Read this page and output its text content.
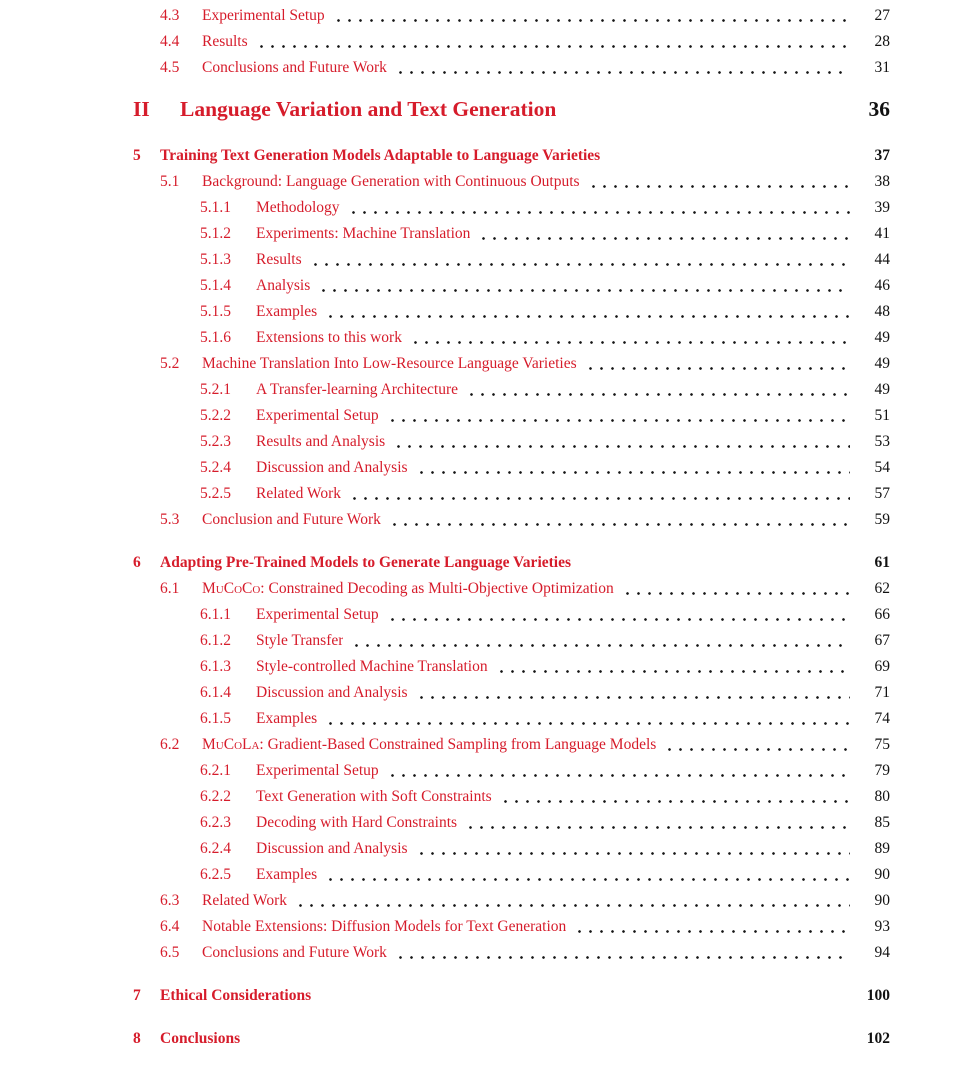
4.3	Experimental Setup	27
4.4	Results	28
4.5	Conclusions and Future Work	31
II	Language Variation and Text Generation	36
5	Training Text Generation Models Adaptable to Language Varieties	37
5.1	Background: Language Generation with Continuous Outputs	38
5.1.1	Methodology	39
5.1.2	Experiments: Machine Translation	41
5.1.3	Results	44
5.1.4	Analysis	46
5.1.5	Examples	48
5.1.6	Extensions to this work	49
5.2	Machine Translation Into Low-Resource Language Varieties	49
5.2.1	A Transfer-learning Architecture	49
5.2.2	Experimental Setup	51
5.2.3	Results and Analysis	53
5.2.4	Discussion and Analysis	54
5.2.5	Related Work	57
5.3	Conclusion and Future Work	59
6	Adapting Pre-Trained Models to Generate Language Varieties	61
6.1	MuCoCo: Constrained Decoding as Multi-Objective Optimization	62
6.1.1	Experimental Setup	66
6.1.2	Style Transfer	67
6.1.3	Style-controlled Machine Translation	69
6.1.4	Discussion and Analysis	71
6.1.5	Examples	74
6.2	MuCoLa: Gradient-Based Constrained Sampling from Language Models	75
6.2.1	Experimental Setup	79
6.2.2	Text Generation with Soft Constraints	80
6.2.3	Decoding with Hard Constraints	85
6.2.4	Discussion and Analysis	89
6.2.5	Examples	90
6.3	Related Work	90
6.4	Notable Extensions: Diffusion Models for Text Generation	93
6.5	Conclusions and Future Work	94
7	Ethical Considerations	100
8	Conclusions	102
